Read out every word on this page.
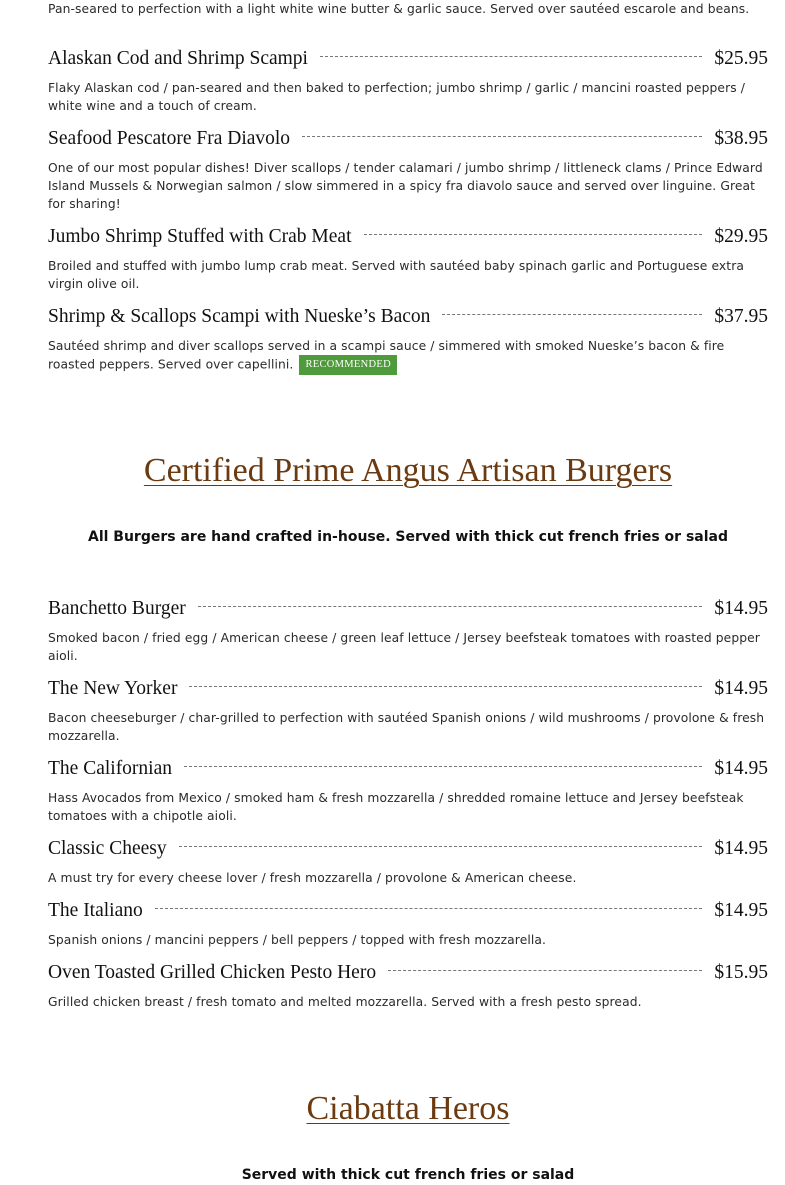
Pan-seared to perfection with a light white wine butter & garlic sauce. Served over sautéed escarole and beans.
Alaskan Cod and Shrimp Scampi	$25.95
Flaky Alaskan cod / pan-seared and then baked to perfection; jumbo shrimp / garlic / mancini roasted peppers / white wine and a touch of cream.
Seafood Pescatore Fra Diavolo	$38.95
One of our most popular dishes! Diver scallops / tender calamari / jumbo shrimp / littleneck clams / Prince Edward Island Mussels & Norwegian salmon / slow simmered in a spicy fra diavolo sauce and served over linguine. Great for sharing!
Jumbo Shrimp Stuffed with Crab Meat	$29.95
Broiled and stuffed with jumbo lump crab meat. Served with sautéed baby spinach garlic and Portuguese extra virgin olive oil.
Shrimp & Scallops Scampi with Nueske’s Bacon	$37.95
Sautéed shrimp and diver scallops served in a scampi sauce / simmered with smoked Nueske’s bacon & fire roasted peppers. Served over capellini. RECOMMENDED
Certified Prime Angus Artisan Burgers
All Burgers are hand crafted in-house. Served with thick cut french fries or salad
Banchetto Burger	$14.95
Smoked bacon / fried egg / American cheese / green leaf lettuce / Jersey beefsteak tomatoes with roasted pepper aioli.
The New Yorker	$14.95
Bacon cheeseburger / char-grilled to perfection with sautéed Spanish onions / wild mushrooms / provolone & fresh mozzarella.
The Californian	$14.95
Hass Avocados from Mexico / smoked ham & fresh mozzarella / shredded romaine lettuce and Jersey beefsteak tomatoes with a chipotle aioli.
Classic Cheesy	$14.95
A must try for every cheese lover / fresh mozzarella / provolone & American cheese.
The Italiano	$14.95
Spanish onions / mancini peppers / bell peppers / topped with fresh mozzarella.
Oven Toasted Grilled Chicken Pesto Hero	$15.95
Grilled chicken breast / fresh tomato and melted mozzarella. Served with a fresh pesto spread.
Ciabatta Heros
Served with thick cut french fries or salad
